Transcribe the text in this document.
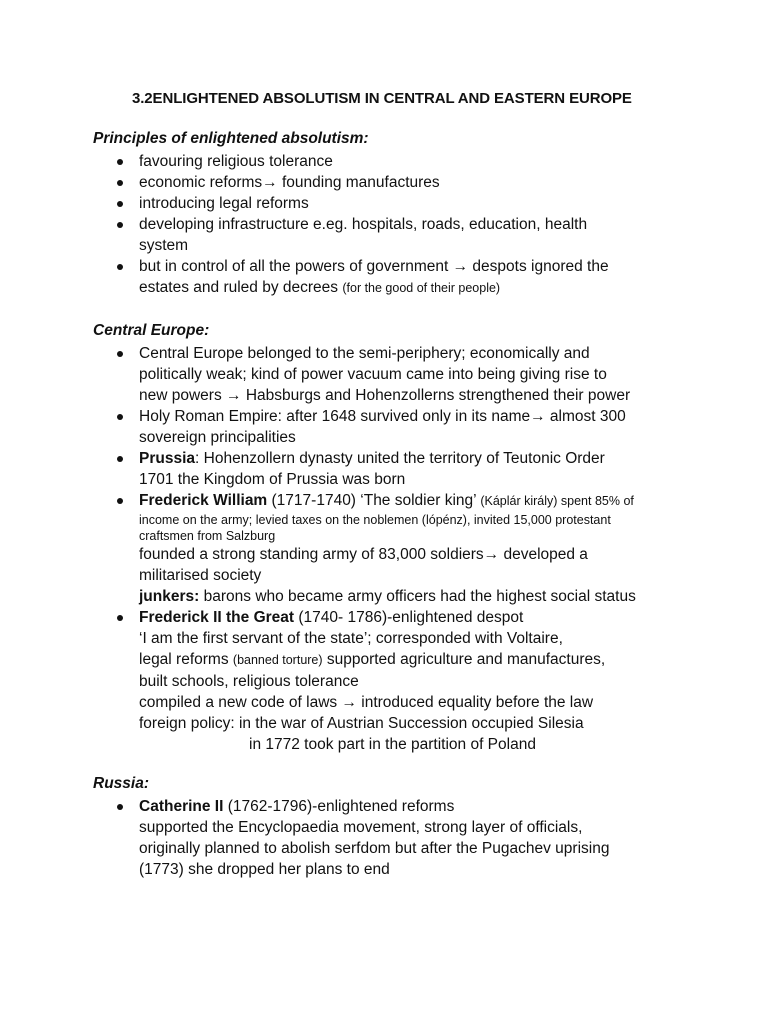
3.2ENLIGHTENED ABSOLUTISM IN CENTRAL AND EASTERN EUROPE
Principles of enlightened absolutism:
favouring religious tolerance
economic reforms→ founding manufactures
introducing legal reforms
developing infrastructure e.eg. hospitals, roads, education, health
system
but in control of all the powers of government → despots ignored the
estates and ruled by decrees (for the good of their people)
Central Europe:
Central Europe belonged to the semi-periphery; economically and
politically weak; kind of power vacuum came into being giving rise to
new powers → Habsburgs and Hohenzollerns strengthened their power
Holy Roman Empire: after 1648 survived only in its name→ almost 300
sovereign principalities
Prussia: Hohenzollern dynasty united the territory of Teutonic Order
1701 the Kingdom of Prussia was born
Frederick William (1717-1740) ‘The soldier king’ (Káplár király) spent 85% of
income on the army; levied taxes on the noblemen (lópénz), invited 15,000 protestant
craftsmen from Salzburg
founded a strong standing army of 83,000 soldiers→ developed a
militarised society
junkers: barons who became army officers had the highest social status
Frederick II the Great (1740- 1786)-enlightened despot
‘I am the first servant of the state’; corresponded with Voltaire,
legal reforms (banned torture) supported agriculture and manufactures,
built schools, religious tolerance
compiled a new code of laws → introduced equality before the law
foreign policy: in the war of Austrian Succession occupied Silesia
in 1772 took part in the partition of Poland
Russia:
Catherine II (1762-1796)-enlightened reforms
supported the Encyclopaedia movement, strong layer of officials,
originally planned to abolish serfdom but after the Pugachev uprising
(1773) she dropped her plans to end
